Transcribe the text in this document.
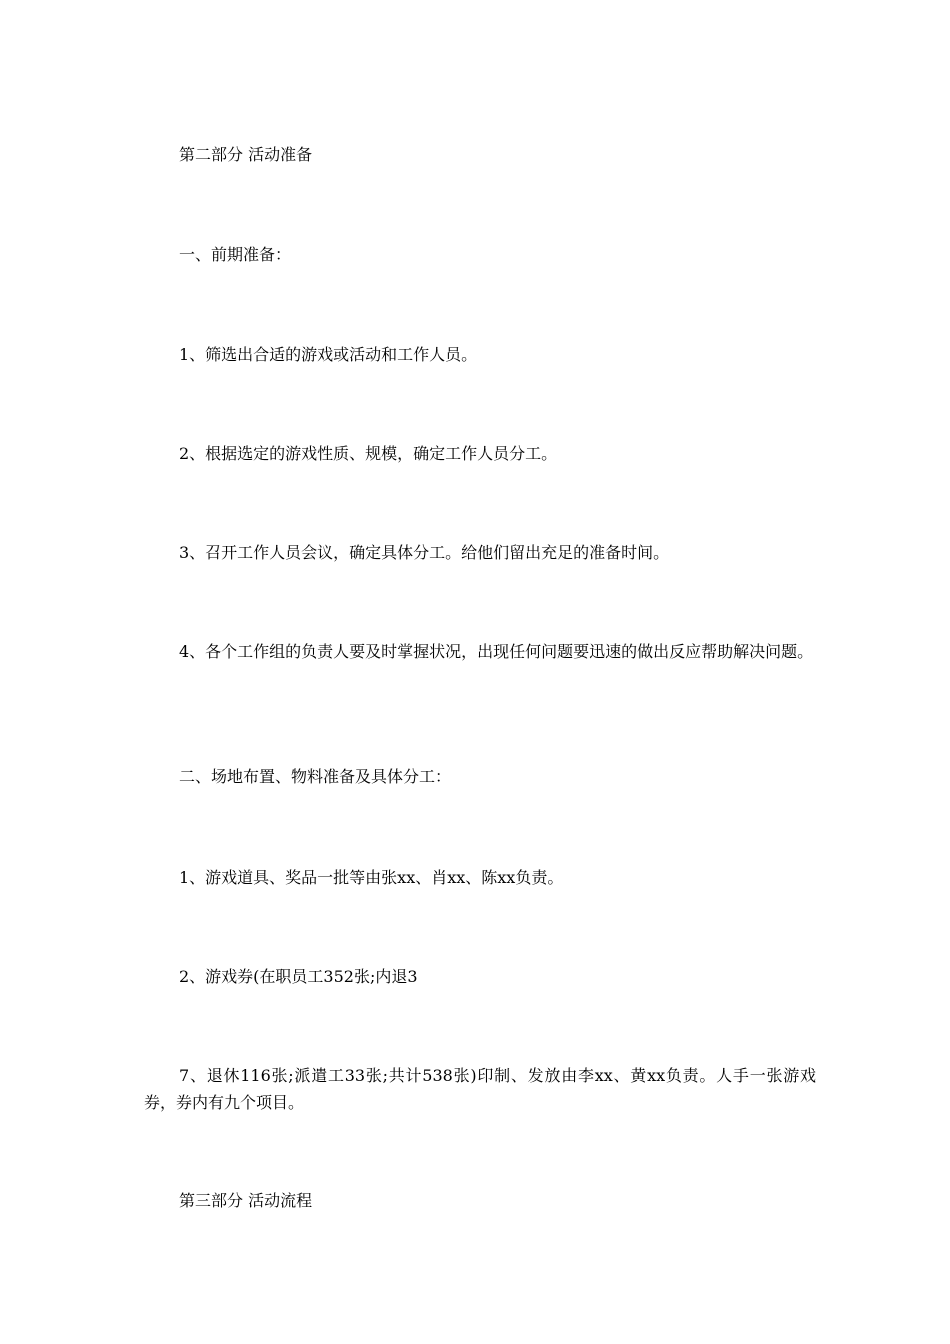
第二部分 活动准备
一、前期准备：
1、筛选出合适的游戏或活动和工作人员。
2、根据选定的游戏性质、规模，确定工作人员分工。
3、召开工作人员会议，确定具体分工。给他们留出充足的准备时间。
4、各个工作组的负责人要及时掌握状况，出现任何问题要迅速的做出反应帮助解决问题。
二、场地布置、物料准备及具体分工：
1、游戏道具、奖品一批等由张xx、肖xx、陈xx负责。
2、游戏券(在职员工352张;内退3
7、退休116张;派遣工33张;共计538张)印制、发放由李xx、黄xx负责。人手一张游戏券，券内有九个项目。
第三部分 活动流程
